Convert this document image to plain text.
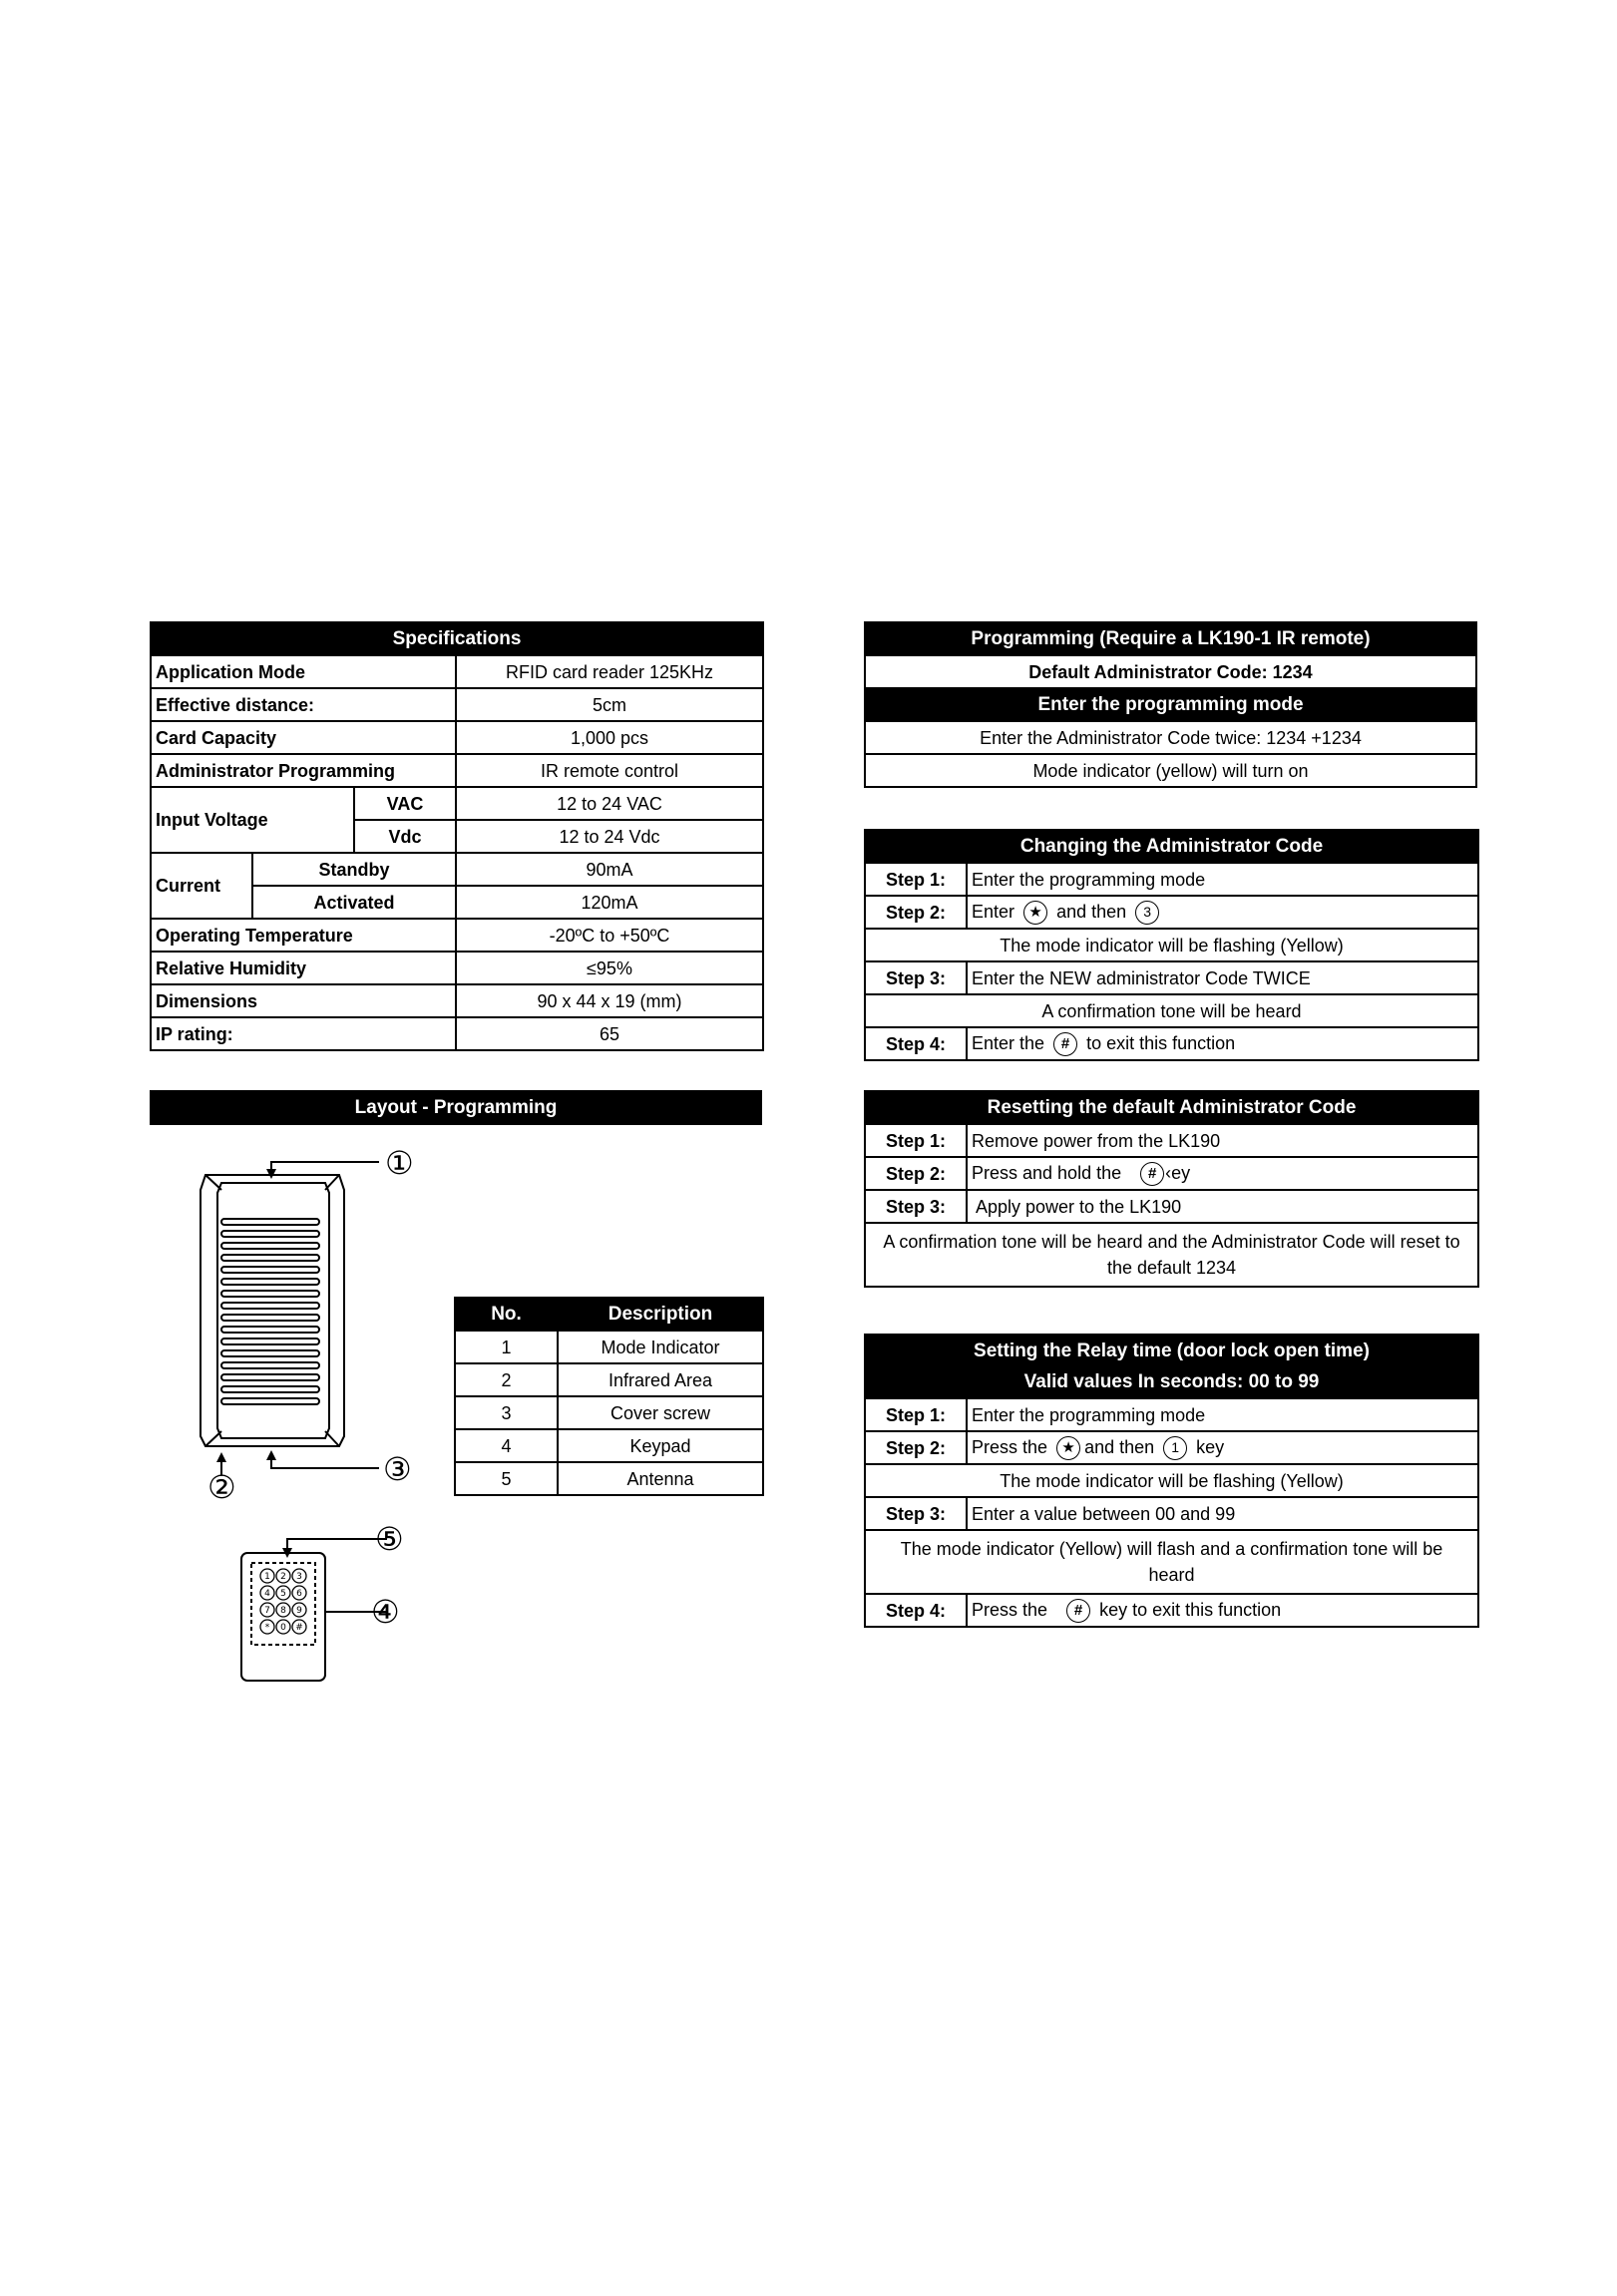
Specifications			
Application Mode			RFID card reader 125KHz
Effective distance:			5cm
Card Capacity			1,000 pcs
Administrator Programming			IR remote control
Input Voltage		VAC	12 to 24 VAC
		Vdc	12 to 24 Vdc
Current	Standby		90mA
	Activated		120mA
Operating Temperature			-20ºC to +50ºC
Relative Humidity			≤95%
Dimensions			90 x 44 x 19 (mm)
IP rating:			65
Layout - Programming
1 2 3
4 5 6
7 8 9
* 0 #
①
②	③
④
⑤
No.	Description
1	Mode Indicator
2	Infrared Area
3	Cover screw
4	Keypad
5	Antenna
Programming (Require a LK190-1 IR remote)
Default Administrator Code: 1234
Enter the programming mode
Enter the Administrator Code twice: 1234 +1234
Mode indicator (yellow) will turn on
Changing the Administrator Code	
Step 1:	Enter the programming mode
Step 2:	Enter ★ and then 3
The mode indicator will be flashing (Yellow)	
Step 3:	Enter the NEW administrator Code TWICE
A confirmation tone will be heard	
Step 4:	Enter the # to exit this function
Resetting the default Administrator Code	
Step 1:	Remove power from the LK190
Step 2:	Press and hold the # ‹ey
Step 3:	Apply power to the LK190
A confirmation tone will be heard and the Administrator Code will reset to the default 1234	
Setting the Relay time (door lock open time)	
Valid values In seconds: 00 to 99	
Step 1:	Enter the programming mode
Step 2:	Press the ★ and then 1 key
The mode indicator will be flashing (Yellow)	
Step 3:	Enter a value between 00 and 99
The mode indicator (Yellow) will flash and a confirmation tone will be heard	
Step 4:	Press the # key to exit this function
